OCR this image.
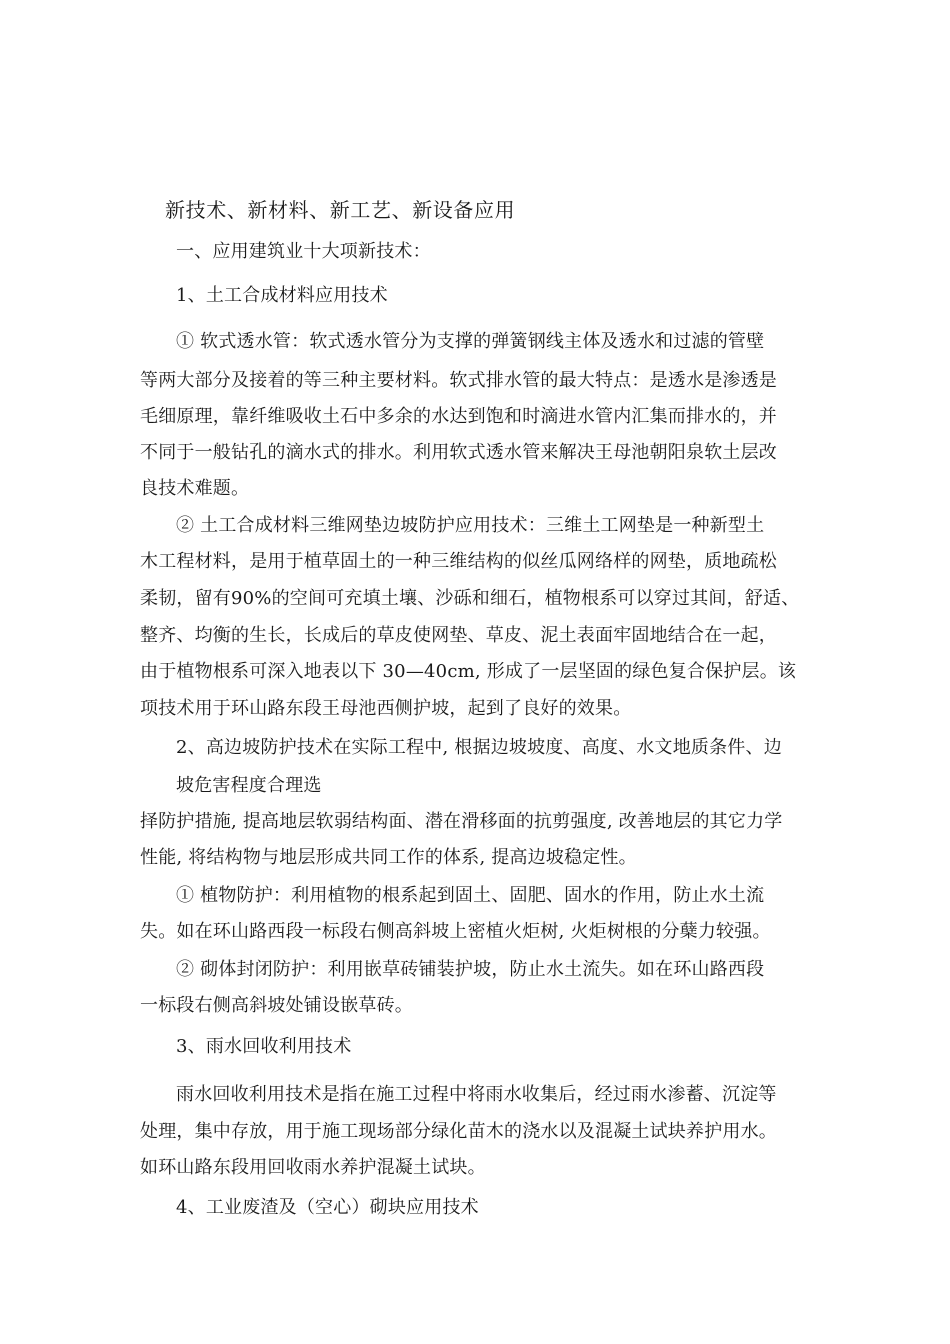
新技术、新材料、新工艺、新设备应用
一、应用建筑业十大项新技术：
1、土工合成材料应用技术
① 软式透水管：软式透水管分为支撑的弹簧钢线主体及透水和过滤的管壁
等两大部分及接着的等三种主要材料。软式排水管的最大特点：是透水是渗透是
毛细原理，靠纤维吸收土石中多余的水达到饱和时滴进水管内汇集而排水的，并
不同于一般钻孔的滴水式的排水。利用软式透水管来解决王母池朝阳泉软土层改
良技术难题。
② 土工合成材料三维网垫边坡防护应用技术：三维土工网垫是一种新型土
木工程材料，是用于植草固土的一种三维结构的似丝瓜网络样的网垫，质地疏松
柔韧，留有90%的空间可充填土壤、沙砾和细石，植物根系可以穿过其间，舒适、
整齐、均衡的生长，长成后的草皮使网垫、草皮、泥土表面牢固地结合在一起，
由于植物根系可深入地表以下 30—40cm, 形成了一层坚固的绿色复合保护层。该
项技术用于环山路东段王母池西侧护坡，起到了良好的效果。
2、高边坡防护技术在实际工程中, 根据边坡坡度、高度、水文地质条件、边
坡危害程度合理选
择防护措施, 提高地层软弱结构面、潜在滑移面的抗剪强度, 改善地层的其它力学
性能, 将结构物与地层形成共同工作的体系, 提高边坡稳定性。
① 植物防护：利用植物的根系起到固土、固肥、固水的作用，防止水土流
失。如在环山路西段一标段右侧高斜坡上密植火炬树, 火炬树根的分蘖力较强。
② 砌体封闭防护：利用嵌草砖铺装护坡，防止水土流失。如在环山路西段
一标段右侧高斜坡处铺设嵌草砖。
3、雨水回收利用技术
雨水回收利用技术是指在施工过程中将雨水收集后，经过雨水渗蓄、沉淀等
处理，集中存放，用于施工现场部分绿化苗木的浇水以及混凝土试块养护用水。
如环山路东段用回收雨水养护混凝土试块。
4、工业废渣及（空心）砌块应用技术
